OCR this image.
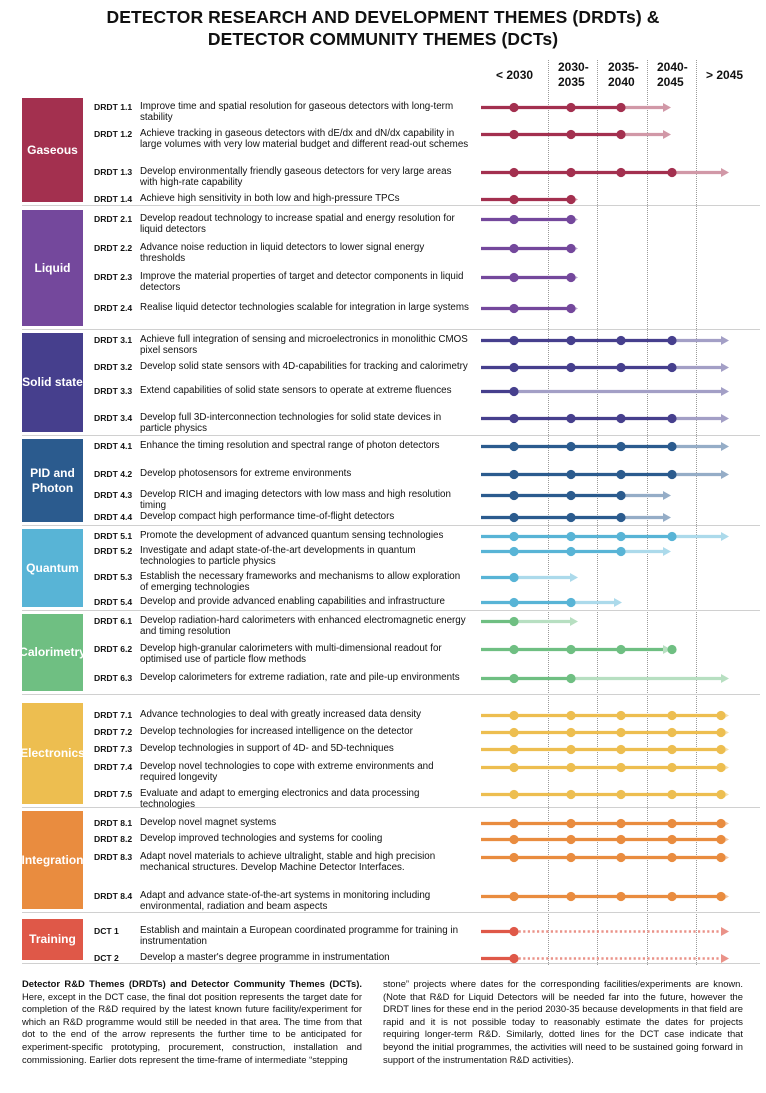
DETECTOR RESEARCH AND DEVELOPMENT THEMES (DRDTs) &
DETECTOR COMMUNITY THEMES (DCTs)
< 2030
2030-
2035
2035-
2040
2040-
2045	> 2045
Gaseous
DRDT 1.1 Improve time and spatial resolution for gaseous detectors with long-term stability
DRDT 1.2 Achieve tracking in gaseous detectors with dE/dx and dN/dx capability in large volumes with very low material budget and different read-out schemes
DRDT 1.3 Develop environmentally friendly gaseous detectors for very large areas with high-rate capability
DRDT 1.4 Achieve high sensitivity in both low and high-pressure TPCs
Liquid
DRDT 2.1 Develop readout technology to increase spatial and energy resolution for liquid detectors
DRDT 2.2 Advance noise reduction in liquid detectors to lower signal energy thresholds
DRDT 2.3 Improve the material properties of target and detector components in liquid detectors
DRDT 2.4 Realise liquid detector technologies scalable for integration in large systems
Solid state
DRDT 3.1 Achieve full integration of sensing and microelectronics in monolithic CMOS pixel sensors
DRDT 3.2 Develop solid state sensors with 4D-capabilities for tracking and calorimetry
DRDT 3.3 Extend capabilities of solid state sensors to operate at extreme fluences
DRDT 3.4 Develop full 3D-interconnection technologies for solid state devices in particle physics
PID and Photon
DRDT 4.1 Enhance the timing resolution and spectral range of photon detectors
DRDT 4.2 Develop photosensors for extreme environments
DRDT 4.3 Develop RICH and imaging detectors with low mass and high resolution timing
DRDT 4.4 Develop compact high performance time-of-flight detectors
Quantum
DRDT 5.1 Promote the development of advanced quantum sensing technologies
DRDT 5.2 Investigate and adapt state-of-the-art developments in quantum technologies to particle physics
DRDT 5.3 Establish the necessary frameworks and mechanisms to allow exploration of emerging technologies
DRDT 5.4 Develop and provide advanced enabling capabilities and infrastructure
Calorimetry
DRDT 6.1 Develop radiation-hard calorimeters with enhanced electromagnetic energy and timing resolution
DRDT 6.2 Develop high-granular calorimeters with multi-dimensional readout for optimised use of particle flow methods
DRDT 6.3 Develop calorimeters for extreme radiation, rate and pile-up environments
Electronics
DRDT 7.1 Advance technologies to deal with greatly increased data density
DRDT 7.2 Develop technologies for increased intelligence on the detector
DRDT 7.3 Develop technologies in support of 4D- and 5D-techniques
DRDT 7.4 Develop novel technologies to cope with extreme environments and required longevity
DRDT 7.5 Evaluate and adapt to emerging electronics and data processing technologies
Integration
DRDT 8.1 Develop novel magnet systems
DRDT 8.2 Develop improved technologies and systems for cooling
DRDT 8.3 Adapt novel materials to achieve ultralight, stable and high precision mechanical structures. Develop Machine Detector Interfaces.
DRDT 8.4 Adapt and advance state-of-the-art systems in monitoring including environmental, radiation and beam aspects
Training
DCT 1 Establish and maintain a European coordinated programme for training in instrumentation
DCT 2 Develop a master's degree programme in instrumentation
Detector R&D Themes (DRDTs) and Detector Community Themes (DCTs). Here, except in the DCT case, the final dot position represents the target date for completion of the R&D required by the latest known future facility/experiment for which an R&D programme would still be needed in that area. The time from that dot to the end of the arrow represents the further time to be anticipated for experiment-specific prototyping, procurement, construction, installation and commissioning. Earlier dots represent the time-frame of intermediate “stepping
stone” projects where dates for the corresponding facilities/experiments are known. (Note that R&D for Liquid Detectors will be needed far into the future, however the DRDT lines for these end in the period 2030-35 because developments in that field are rapid and it is not possible today to reasonably estimate the dates for projects requiring longer-term R&D. Similarly, dotted lines for the DCT case indicate that beyond the initial programmes, the activities will need to be sustained going forward in support of the instrumentation R&D activities).
